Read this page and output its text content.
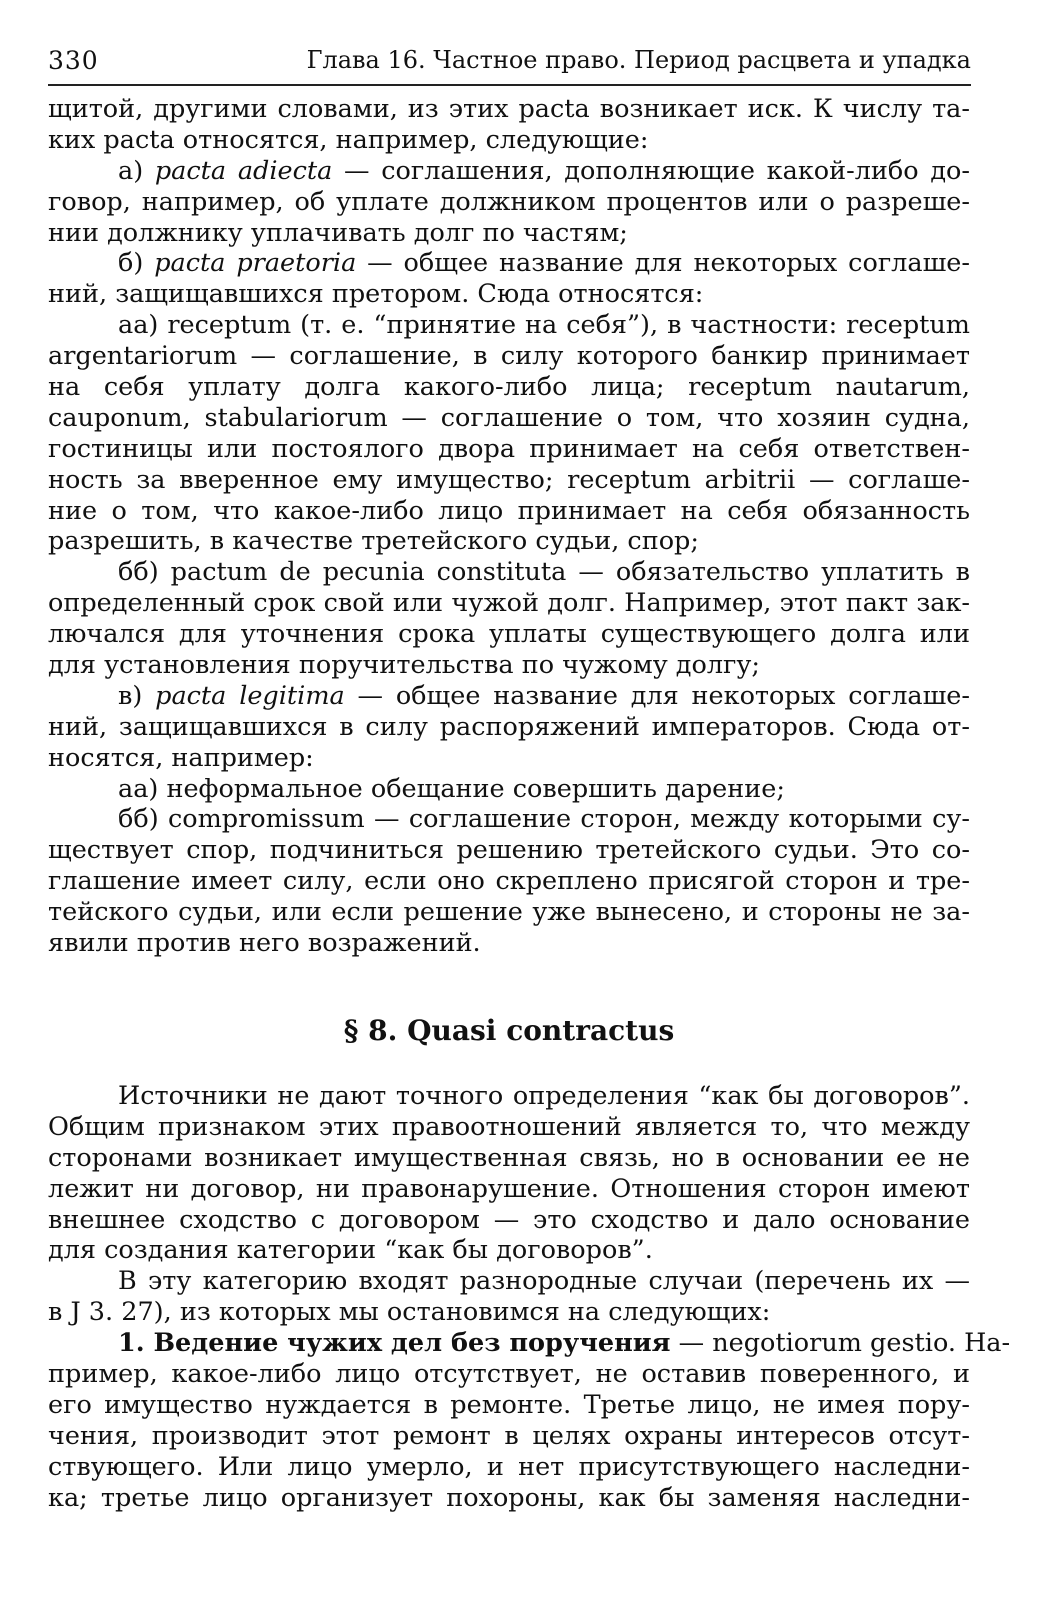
330	Глава 16. Частное право. Период расцвета и упадка
щитой, другими словами, из этих pacta возникает иск. К числу та-
ких pacta относятся, например, следующие:
а) pacta adiecta — соглашения, дополняющие какой-либо до-
говор, например, об уплате должником процентов или о разреше-
нии должнику уплачивать долг по частям;
б) pacta praetoria — общее название для некоторых соглаше-
ний, защищавшихся претором. Сюда относятся:
аа) receptum (т. е. “принятие на себя”), в частности: receptum
argentariorum — соглашение, в силу которого банкир принимает
на себя уплату долга какого-либо лица; receptum nautarum,
cauponum, stabulariorum — соглашение о том, что хозяин судна,
гостиницы или постоялого двора принимает на себя ответствен-
ность за вверенное ему имущество; receptum arbitrii — соглаше-
ние о том, что какое-либо лицо принимает на себя обязанность
разрешить, в качестве третейского судьи, спор;
бб) pactum de pecunia constituta — обязательство уплатить в
определенный срок свой или чужой долг. Например, этот пакт зак-
лючался для уточнения срока уплаты существующего долга или
для установления поручительства по чужому долгу;
в) pacta legitima — общее название для некоторых соглаше-
ний, защищавшихся в силу распоряжений императоров. Сюда от-
носятся, например:
аа) неформальное обещание совершить дарение;
бб) compromissum — соглашение сторон, между которыми су-
ществует спор, подчиниться решению третейского судьи. Это со-
глашение имеет силу, если оно скреплено присягой сторон и тре-
тейского судьи, или если решение уже вынесено, и стороны не за-
явили против него возражений.
§ 8. Quasi contractus
Источники не дают точного определения “как бы договоров”.
Общим признаком этих правоотношений является то, что между
сторонами возникает имущественная связь, но в основании ее не
лежит ни договор, ни правонарушение. Отношения сторон имеют
внешнее сходство с договором — это сходство и дало основание
для создания категории “как бы договоров”.
В эту категорию входят разнородные случаи (перечень их —
в J 3. 27), из которых мы остановимся на следующих:
1. Ведение чужих дел без поручения — negotiorum gestio. На-
пример, какое-либо лицо отсутствует, не оставив поверенного, и
его имущество нуждается в ремонте. Третье лицо, не имея пору-
чения, производит этот ремонт в целях охраны интересов отсут-
ствующего. Или лицо умерло, и нет присутствующего наследни-
ка; третье лицо организует похороны, как бы заменяя наследни-
